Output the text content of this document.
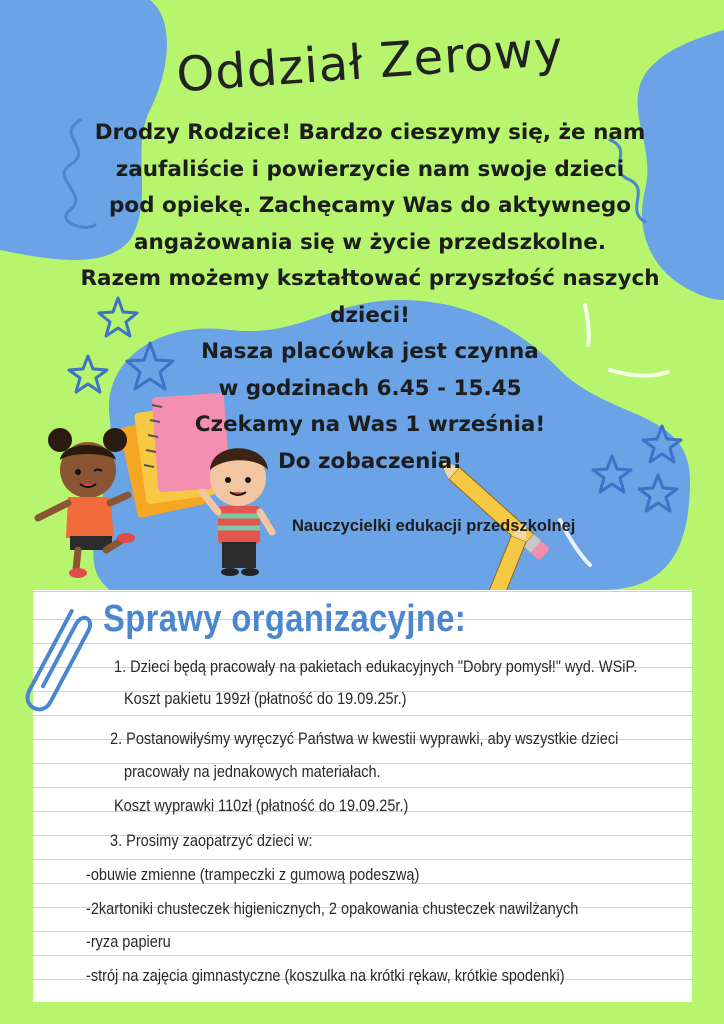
Oddział Zerowy
Drodzy Rodzice! Bardzo cieszymy się, że nam
zaufaliście i powierzycie nam swoje dzieci
pod opiekę. Zachęcamy Was do aktywnego
angażowania się w życie przedszkolne.
Razem możemy kształtować przyszłość naszych
dzieci!
Nasza placówka jest czynna
w godzinach 6.45 - 15.45
Czekamy na Was 1 września!
Do zobaczenia!
Nauczycielki edukacji przedszkolnej
Sprawy organizacyjne:
1. Dzieci będą pracowały na pakietach edukacyjnych "Dobry pomysł!" wyd. WSiP.
Koszt pakietu 199zł (płatność do 19.09.25r.)
2. Postanowiłyśmy wyręczyć Państwa w kwestii wyprawki, aby wszystkie dzieci
pracowały na jednakowych materiałach.
Koszt wyprawki 110zł (płatność do 19.09.25r.)
3. Prosimy zaopatrzyć dzieci w:
-obuwie zmienne (trampeczki z gumową podeszwą)
-2kartoniki chusteczek higienicznych, 2 opakowania chusteczek nawilżanych
-ryza papieru
-strój na zajęcia gimnastyczne (koszulka na krótki rękaw, krótkie spodenki)
